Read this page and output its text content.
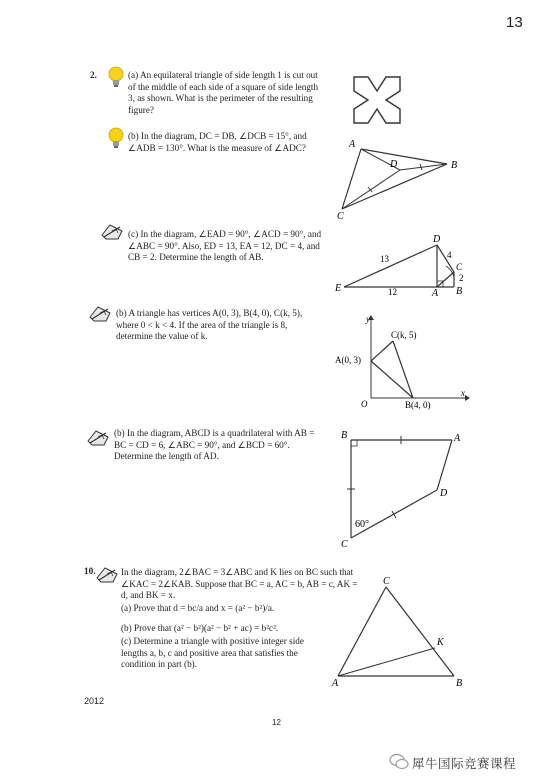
13
2.	(a) An equilateral triangle of side length 1 is cut out of the middle of each side of a square of side length 3, as shown. What is the perimeter of the resulting figure?
(b) In the diagram, DC = DB, ∠DCB = 15°, and ∠ADB = 130°. What is the measure of ∠ADC?	A
B
C
D
(c) In the diagram, ∠EAD = 90°, ∠ACD = 90°, and ∠ABC = 90°. Also, ED = 13, EA = 12, DC = 4, and CB = 2. Determine the length of AB.
E
D
A B
C
13
12
4
2
(b) A triangle has vertices A(0, 3), B(4, 0), C(k, 5), where 0 < k < 4. If the area of the triangle is 8, determine the value of k.
y
x
C(k, 5)
A(0, 3)
O	B(4, 0)
(b) In the diagram, ABCD is a quadrilateral with AB = BC = CD = 6, ∠ABC = 90°, and ∠BCD = 60°. Determine the length of AD.
B	A
D
C
60°
10.	In the diagram, 2∠BAC = 3∠ABC and K lies on BC such that ∠KAC = 2∠KAB. Suppose that BC = a, AC = b, AB = c, AK = d, and BK = x.
(a) Prove that d = bc/a and x = (a² − b²)/a.
(b) Prove that (a² − b²)(a² − b² + ac) = b²c².
(c) Determine a triangle with positive integer side lengths a, b, c and positive area that satisfies the condition in part (b).
C
K
A	B
2012
12
犀牛国际竞赛课程
